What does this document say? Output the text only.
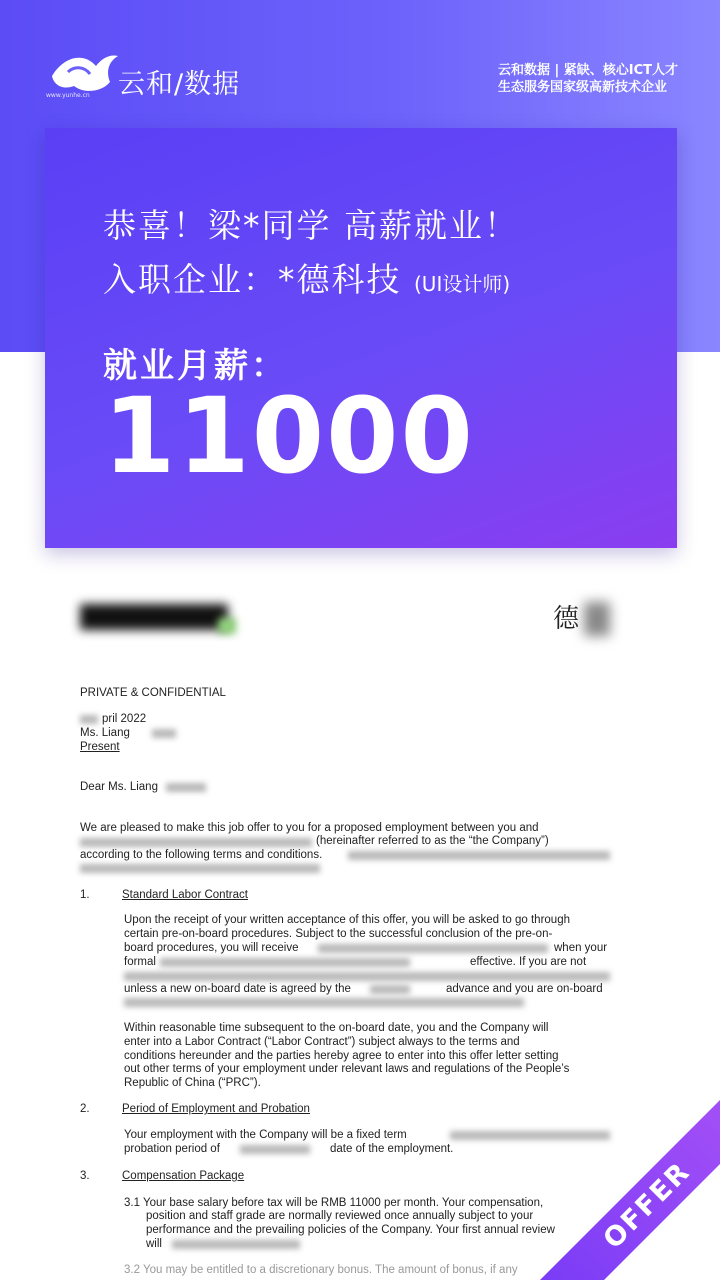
云和∕数据
www.yunhe.cn
云和数据 | 紧缺、核心ICT人才
生态服务国家级高新技术企业
恭喜！梁*同学 高薪就业！
入职企业：*德科技 (UI设计师)
就业月薪：
11000
德
PRIVATE & CONFIDENTIAL
pril 2022
Ms. Liang
Present
Dear Ms. Liang
We are pleased to make this job offer to you for a proposed employment between you and
(hereinafter referred to as the “the Company”)
according to the following terms and conditions.
1.	Standard Labor Contract
Upon the receipt of your written acceptance of this offer, you will be asked to go through
certain pre-on-board procedures. Subject to the successful conclusion of the pre-on-
board procedures, you will receive	when your
formal	effective. If you are not
unless a new on-board date is agreed by the	advance and you are on-board
Within reasonable time subsequent to the on-board date, you and the Company will
enter into a Labor Contract (“Labor Contract”) subject always to the terms and
conditions hereunder and the parties hereby agree to enter into this offer letter setting
out other terms of your employment under relevant laws and regulations of the People’s
Republic of China (“PRC”).
2.	Period of Employment and Probation
Your employment with the Company will be a fixed term
probation period of	date of the employment.
3.	Compensation Package
3.1 Your base salary before tax will be RMB 11000 per month. Your compensation,
position and staff grade are normally reviewed once annually subject to your
performance and the prevailing policies of the Company. Your first annual review
will
3.2 You may be entitled to a discretionary bonus. The amount of bonus, if any
OFFER
